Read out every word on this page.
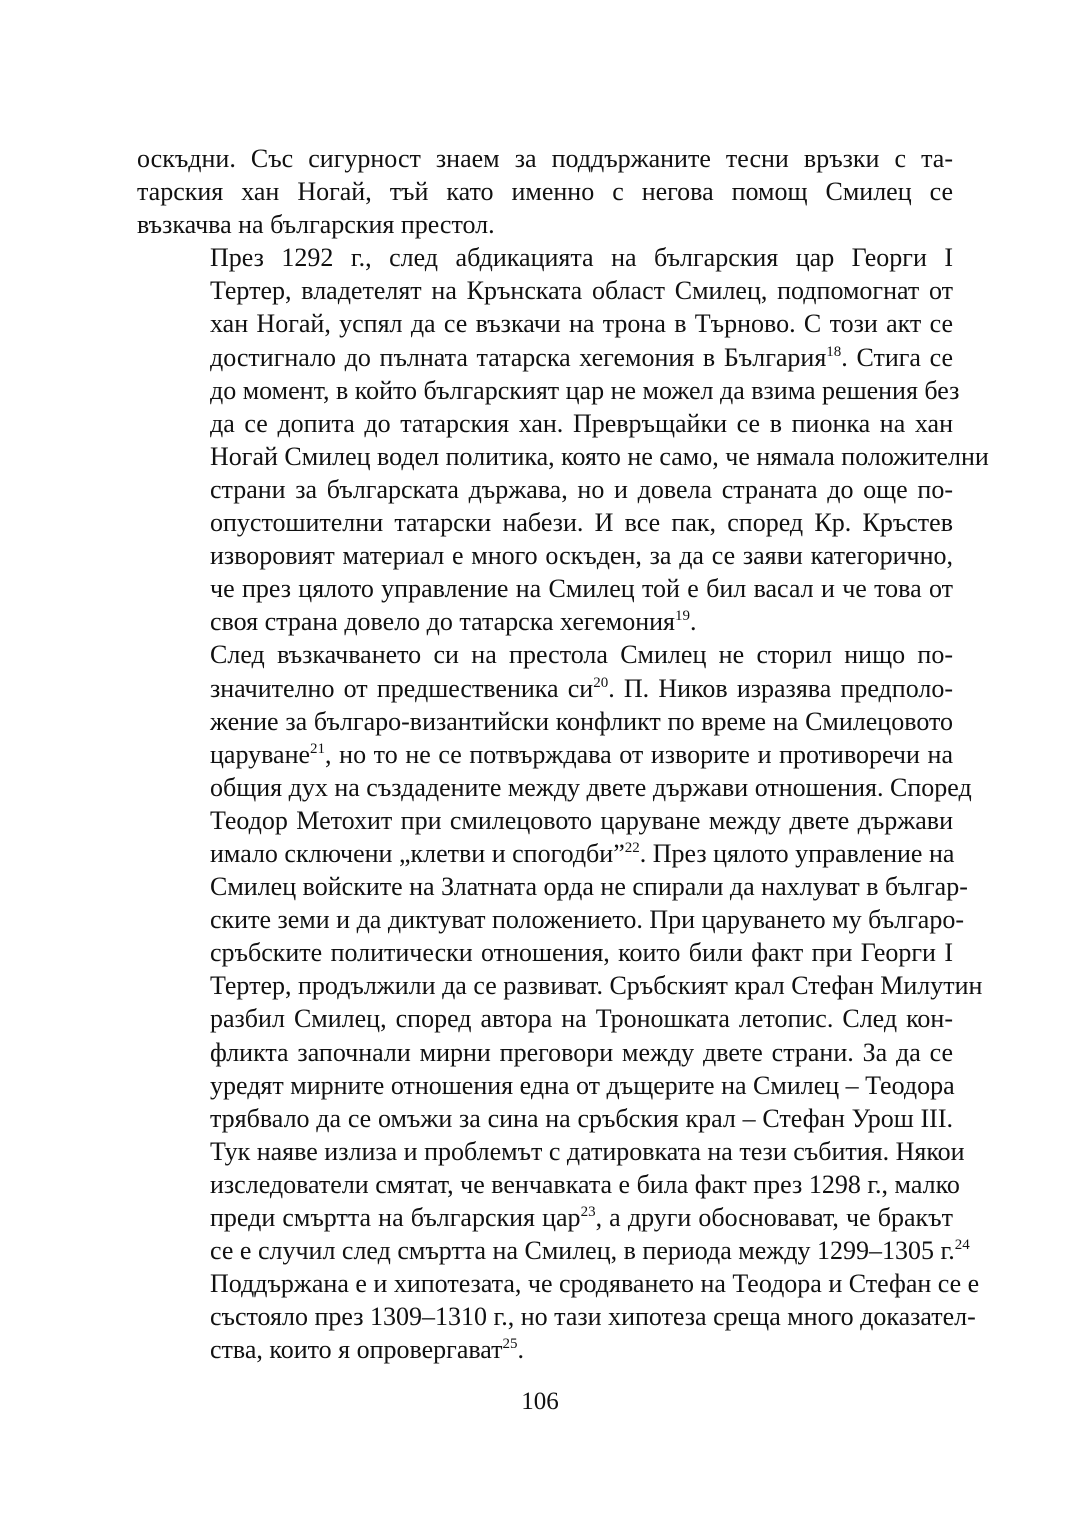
оскъдни. Със сигурност знаем за поддържаните тесни връзки с та-
тарския хан Ногай, тъй като именно с негова помощ Смилец се
възкачва на българския престол.

През 1292 г., след абдикацията на българския цар Георги I
Тертер, владетелят на Крънската област Смилец, подпомогнат от
хан Ногай, успял да се възкачи на трона в Търново. С този акт се
достигнало до пълната татарска хегемония в България$^{18}$. Стига се
до момент, в който българският цар не можел да взима решения без
да се допита до татарския хан. Превръщайки се в пионка на хан
Ногай Смилец водел политика, която не само, че нямала положителни
страни за българската държава, но и довела страната до още по-
опустошителни татарски набези. И все пак, според Кр. Кръстев
изворовият материал е много оскъден, за да се заяви категорично,
че през цялото управление на Смилец той е бил васал и че това от
своя страна довело до татарска хегемония$^{19}$.

След възкачването си на престола Смилец не сторил нищо по-
значително от предшественика $си^{20}$. П. Ников изразява предполо-
жение за българо-византийски конфликт по време на Смилецовото
царуване$^{21}$, но то не се потвърждава от изворите и противоречи на
общия дух на създадените между двете държави отношения. Според
Теодор Метохит при смилецовото царуване между двете държави
имало сключени „клетви и спогодби”$^{22}$. През цялото управление на
Смилец войските на Златната орда не спирали да нахлуват в българ-
ските земи и да диктуват положението. При царуването му българо-
сръбските политически отношения, които били факт при Георги I
Тертер, продължили да се развиват. Сръбският крал Стефан Милутин
разбил Смилец, според автора на Троношката летопис. След кон-
фликта започнали мирни преговори между двете страни. За да се
уредят мирните отношения една от дъщерите на Смилец – Теодора
трябвало да се омъжи за сина на сръбския крал – Стефан Урош III.
Тук наяве излиза и проблемът с датировката на тези събития. Някои
изследователи смятат, че венчавката е била факт през 1298 г., малко
преди смъртта на българския цар$^{23}$, а други обосновават, че бракът
се е случил след смъртта на Смилец, в периода между 1299–1305 г.$^{24}$
Поддържана е и хипотезата, че сродяването на Теодора и Стефан се е
състояло през 1309–1310 г., но тази хипотеза среща много доказател-
ства, които я опровергават$^{25}$.

106
